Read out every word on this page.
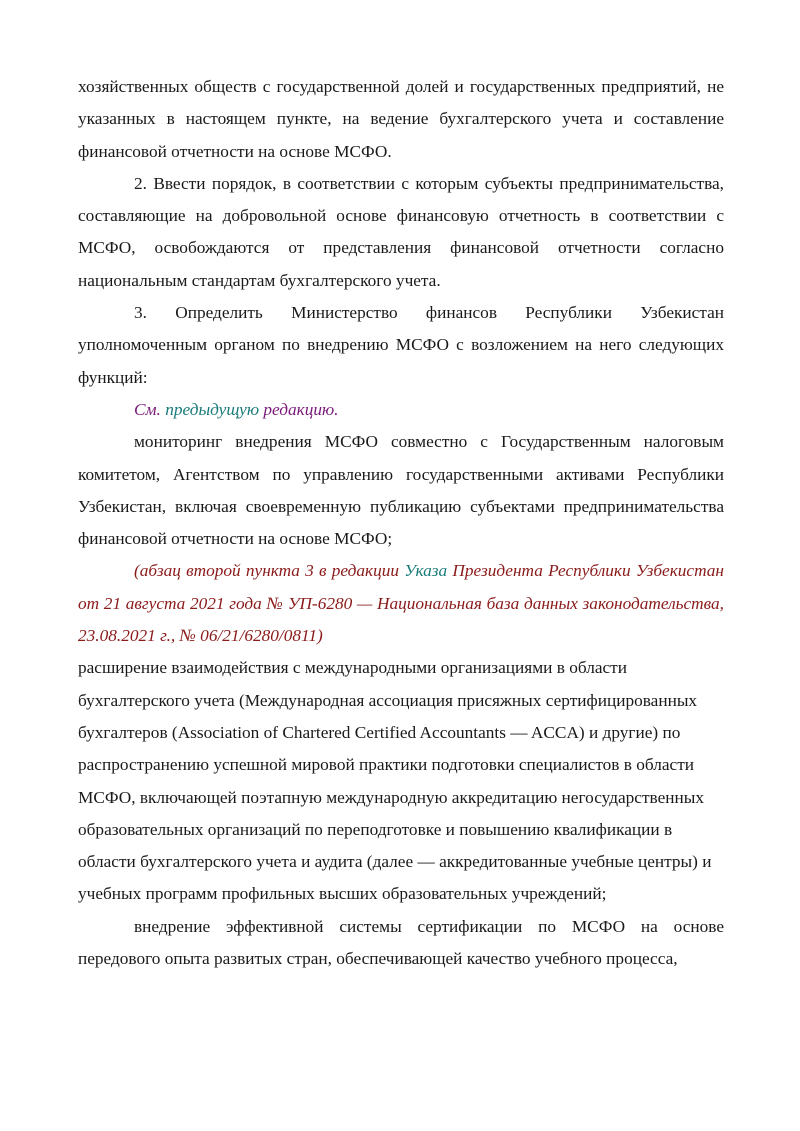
хозяйственных обществ с государственной долей и государственных предприятий, не указанных в настоящем пункте, на ведение бухгалтерского учета и составление финансовой отчетности на основе МСФО.

2. Ввести порядок, в соответствии с которым субъекты предпринимательства, составляющие на добровольной основе финансовую отчетность в соответствии с МСФО, освобождаются от представления финансовой отчетности согласно национальным стандартам бухгалтерского учета.

3. Определить Министерство финансов Республики Узбекистан уполномоченным органом по внедрению МСФО с возложением на него следующих функций:

См. предыдущую редакцию.

мониторинг внедрения МСФО совместно с Государственным налоговым комитетом, Агентством по управлению государственными активами Республики Узбекистан, включая своевременную публикацию субъектами предпринимательства финансовой отчетности на основе МСФО;

(абзац второй пункта 3 в редакции Указа Президента Республики Узбекистан от 21 августа 2021 года № УП-6280 — Национальная база данных законодательства, 23.08.2021 г., № 06/21/6280/0811)

расширение взаимодействия с международными организациями в области бухгалтерского учета (Международная ассоциация присяжных сертифицированных бухгалтеров (Association of Chartered Certified Accountants — ACCA) и другие) по распространению успешной мировой практики подготовки специалистов в области МСФО, включающей поэтапную международную аккредитацию негосударственных образовательных организаций по переподготовке и повышению квалификации в области бухгалтерского учета и аудита (далее — аккредитованные учебные центры) и учебных программ профильных высших образовательных учреждений;

внедрение эффективной системы сертификации по МСФО на основе передового опыта развитых стран, обеспечивающей качество учебного процесса,
